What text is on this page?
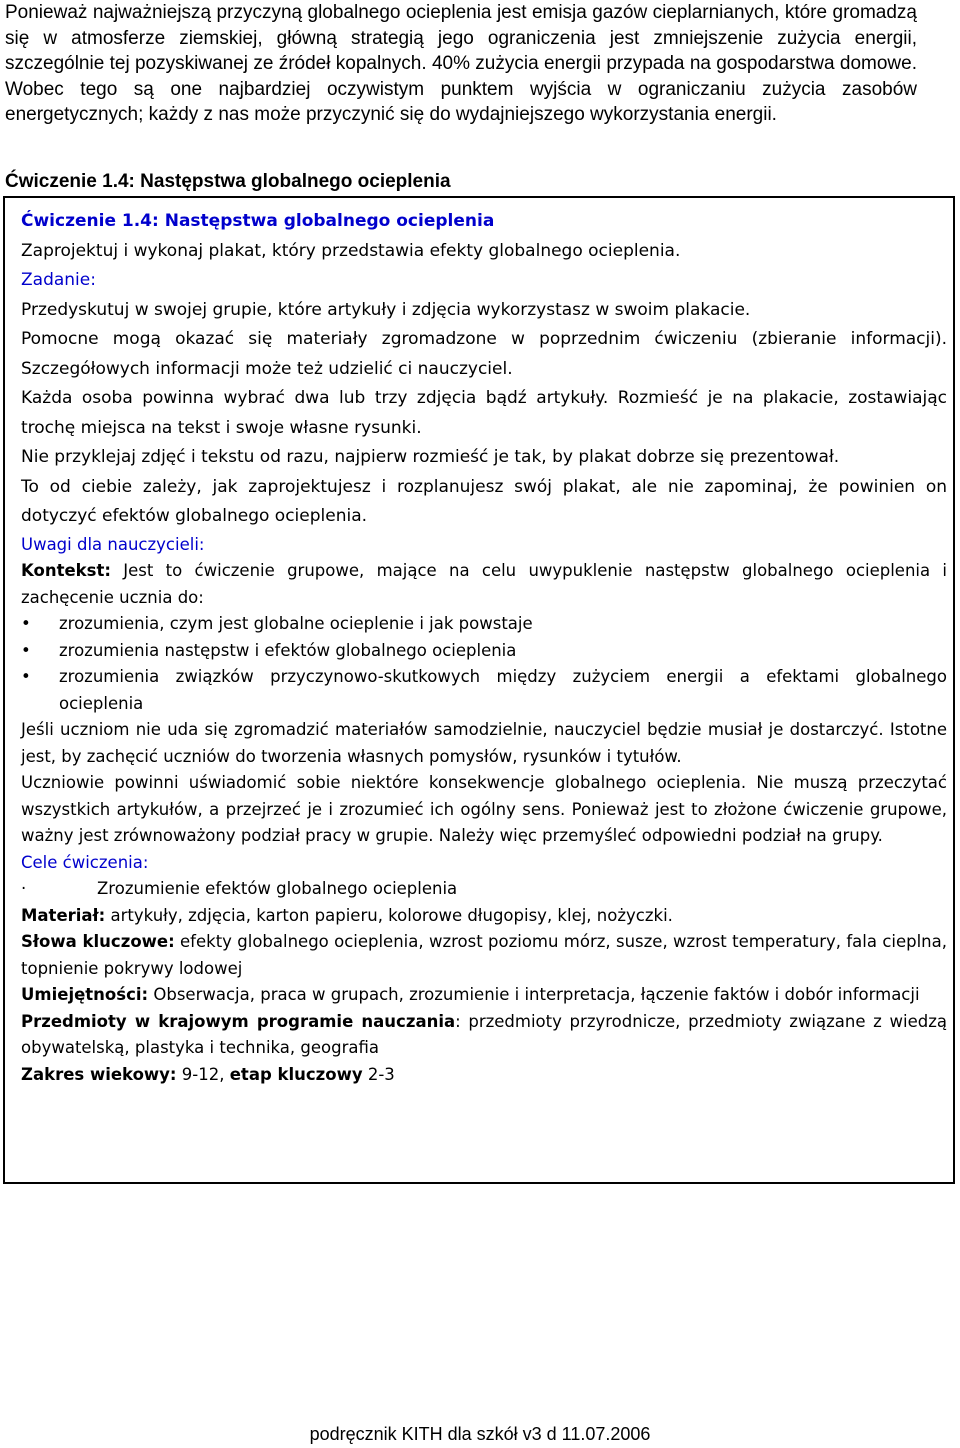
Ponieważ najważniejszą przyczyną globalnego ocieplenia jest emisja gazów cieplarnianych, które gromadzą się w atmosferze ziemskiej, główną strategią jego ograniczenia jest zmniejszenie zużycia energii, szczególnie tej pozyskiwanej ze źródeł kopalnych. 40% zużycia energii przypada na gospodarstwa domowe. Wobec tego są one najbardziej oczywistym punktem wyjścia w ograniczaniu zużycia zasobów energetycznych; każdy z nas może przyczynić się do wydajniejszego wykorzystania energii.
Ćwiczenie 1.4: Następstwa globalnego ocieplenia

Ćwiczenie 1.4: Następstwa globalnego ocieplenia

Zaprojektuj i wykonaj plakat, który przedstawia efekty globalnego ocieplenia.

Zadanie:

Przedyskutuj w swojej grupie, które artykuły i zdjęcia wykorzystasz w swoim plakacie.

Pomocne mogą okazać się materiały zgromadzone w poprzednim ćwiczeniu (zbieranie informacji). Szczegółowych informacji może też udzielić ci nauczyciel.

Każda osoba powinna wybrać dwa lub trzy zdjęcia bądź artykuły. Rozmieść je na plakacie, zostawiając trochę miejsca na tekst i swoje własne rysunki.

Nie przyklejaj zdjęć i tekstu od razu, najpierw rozmieść je tak, by plakat dobrze się prezentował.

To od ciebie zależy, jak zaprojektujesz i rozplanujesz swój plakat, ale nie zapominaj, że powinien on dotyczyć efektów globalnego ocieplenia.

Uwagi dla nauczycieli:

Kontekst: Jest to ćwiczenie grupowe, mające na celu uwypuklenie następstw globalnego ocieplenia i zachęcenie ucznia do:

• zrozumienia, czym jest globalne ocieplenie i jak powstaje
• zrozumienia następstw i efektów globalnego ocieplenia
• zrozumienia związków przyczynowo-skutkowych między zużyciem energii a efektami globalnego ocieplenia

Jeśli uczniom nie uda się zgromadzić materiałów samodzielnie, nauczyciel będzie musiał je dostarczyć. Istotne jest, by zachęcić uczniów do tworzenia własnych pomysłów, rysunków i tytułów.

Uczniowie powinni uświadomić sobie niektóre konsekwencje globalnego ocieplenia. Nie muszą przeczytać wszystkich artykułów, a przejrzeć je i zrozumieć ich ogólny sens. Ponieważ jest to złożone ćwiczenie grupowe, ważny jest zrównoważony podział pracy w grupie. Należy więc przemyśleć odpowiedni podział na grupy.

Cele ćwiczenia:

·	Zrozumienie efektów globalnego ocieplenia

Materiał: artykuły, zdjęcia, karton papieru, kolorowe długopisy, klej, nożyczki.

Słowa kluczowe: efekty globalnego ocieplenia, wzrost poziomu mórz, susze, wzrost temperatury, fala cieplna, topnienie pokrywy lodowej

Umiejętności: Obserwacja, praca w grupach, zrozumienie i interpretacja, łączenie faktów i dobór informacji

Przedmioty w krajowym programie nauczania: przedmioty przyrodnicze, przedmioty związane z wiedzą obywatelską, plastyka i technika, geografia

Zakres wiekowy: 9-12, etap kluczowy 2-3

podręcznik KITH dla szkół v3 d 11.07.2006
